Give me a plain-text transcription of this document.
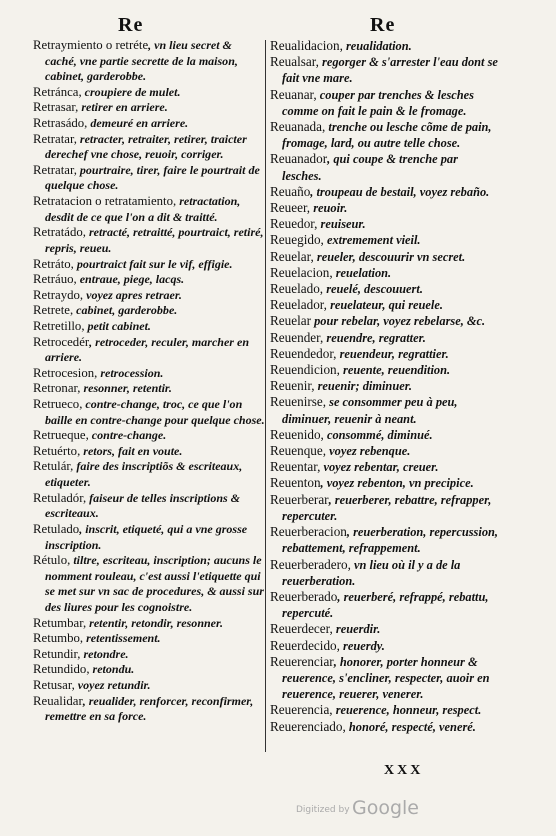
Re	Re

Retraymiento o retréte, vn lieu secret & caché, vne partie secrette de la maison, cabinet, garderobbe.

Retránca, croupiere de mulet.

Retrasar, retirer en arriere.

Retrasádo, demeuré en arriere.

Retratar, retracter, retraiter, retirer, traicter derechef vne chose, reuoir, corriger.

Retratar, pourtraire, tirer, faire le pourtrait de quelque chose.

Retratacion o retratamiento, retractation, desdit de ce que l'on a dit & traitté.

Retratádo, retracté, retraitté, pourtraict, retiré, repris, reueu.

Retráto, pourtraict fait sur le vif, effigie.

Retráuo, entraue, piege, lacqs.

Retraydo, voyez apres retraer.

Retrete, cabinet, garderobbe.

Retretillo, petit cabinet.

Retrocedér, retroceder, reculer, marcher en arriere.

Retrocesion, retrocession.

Retronar, resonner, retentir.

Retrueco, contre-change, troc, ce que l'on baille en contre-change pour quelque chose.

Retrueque, contre-change.

Retuérto, retors, fait en voute.

Retulár, faire des inscriptiõs & escriteaux, etiqueter.

Retuladór, faiseur de telles inscriptions & escriteaux.

Retulado, inscrit, etiqueté, qui a vne grosse inscription.

Rétulo, tiltre, escriteau, inscription; aucuns le nomment rouleau, c'est aussi l'etiquette qui se met sur vn sac de procedures, & aussi sur des liures pour les cognoistre.

Retumbar, retentir, retondir, resonner.

Retumbo, retentissement.

Retundir, retondre.

Retundido, retondu.

Retusar, voyez retundir.

Reualidar, reualider, renforcer, reconfirmer, remettre en sa force.

Reualidacion, reualidation.

Reualsar, regorger & s'arrester l'eau dont se fait vne mare.

Reuanar, couper par trenches & lesches comme on fait le pain & le fromage.

Reuanada, trenche ou lesche cõme de pain, fromage, lard, ou autre telle chose.

Reuanador, qui coupe & trenche par lesches.

Reuaño, troupeau de bestail, voyez rebaño.

Reueer, reuoir.

Reuedor, reuiseur.

Reuegido, extremement vieil.

Reuelar, reueler, descouurir vn secret.

Reuelacion, reuelation.

Reuelado, reuelé, descouuert.

Reuelador, reuelateur, qui reuele.

Reuelar pour rebelar, voyez rebelarse, &c.

Reuender, reuendre, regratter.

Reuendedor, reuendeur, regrattier.

Reuendicion, reuente, reuendition.

Reuenir, reuenir; diminuer.

Reuenirse, se consommer peu à peu, diminuer, reuenir à neant.

Reuenido, consommé, diminué.

Reuenque, voyez rebenque.

Reuentar, voyez rebentar, creuer.

Reuenton, voyez rebenton, vn precipice.

Reuerberar, reuerberer, rebattre, refrapper, repercuter.

Reuerberacion, reuerberation, repercussion, rebattement, refrappement.

Reuerberadero, vn lieu où il y a de la reuerberation.

Reuerberado, reuerberé, refrappé, rebattu, repercuté.

Reuerdecer, reuerdir.

Reuerdecido, reuerdy.

Reuerenciar, honorer, porter honneur & reuerence, s'encliner, respecter, auoir en reuerence, reuerer, venerer.

Reuerencia, reuerence, honneur, respect.

Reuerenciado, honoré, respecté, veneré.

XXX
Digitized by Google
